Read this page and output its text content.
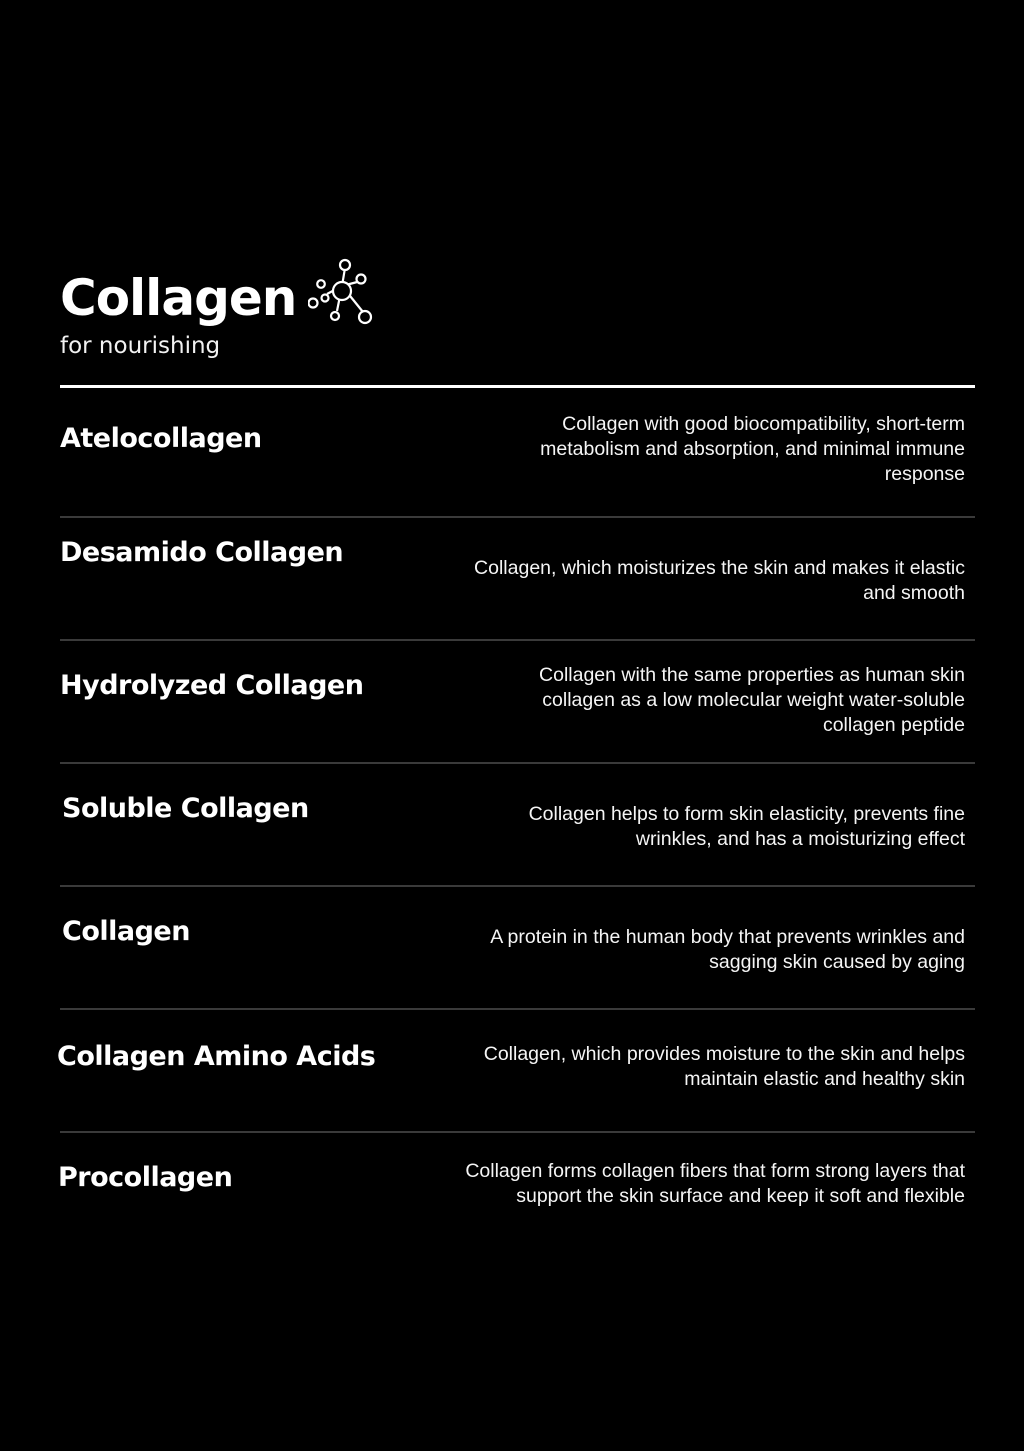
Collagen
for nourishing
Atelocollagen	Collagen with good biocompatibility, short-term metabolism and absorption, and minimal immune response
Desamido Collagen	Collagen, which moisturizes the skin and makes it elastic and smooth
Hydrolyzed Collagen	Collagen with the same properties as human skin collagen as a low molecular weight water-soluble collagen peptide
Soluble Collagen	Collagen helps to form skin elasticity, prevents fine wrinkles, and has a moisturizing effect
Collagen	A protein in the human body that prevents wrinkles and sagging skin caused by aging
Collagen Amino Acids	Collagen, which provides moisture to the skin and helps maintain elastic and healthy skin
Procollagen	Collagen forms collagen fibers that form strong layers that support the skin surface and keep it soft and flexible
